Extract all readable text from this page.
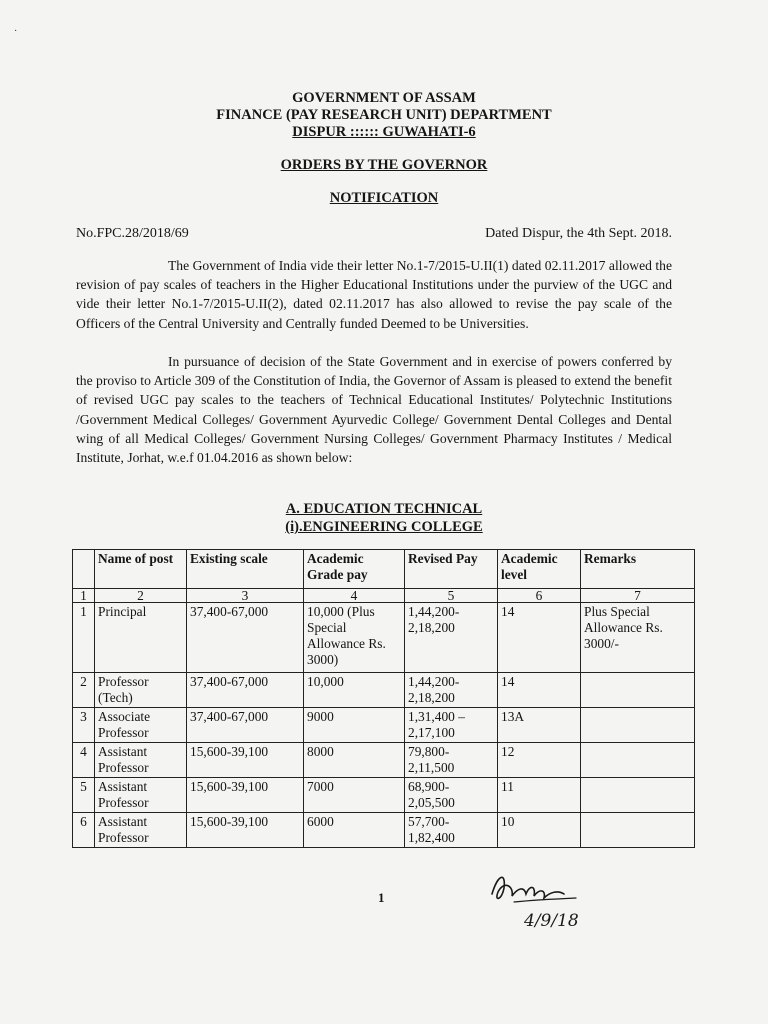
·
GOVERNMENT OF ASSAM
FINANCE (PAY RESEARCH UNIT) DEPARTMENT
DISPUR :::::: GUWAHATI-6
ORDERS BY THE GOVERNOR
NOTIFICATION
No.FPC.28/2018/69	Dated Dispur, the 4th Sept. 2018.

The Government of India vide their letter No.1-7/2015-U.II(1) dated 02.11.2017 allowed the revision of pay scales of teachers in the Higher Educational Institutions under the purview of the UGC and vide their letter No.1-7/2015-U.II(2), dated 02.11.2017 has also allowed to revise the pay scale of the Officers of the Central University and Centrally funded Deemed to be Universities.

In pursuance of decision of the State Government and in exercise of powers conferred by the proviso to Article 309 of the Constitution of India, the Governor of Assam is pleased to extend the benefit of revised UGC pay scales to the teachers of Technical Educational Institutes/ Polytechnic Institutions /Government Medical Colleges/ Government Ayurvedic College/ Government Dental Colleges and Dental wing of all Medical Colleges/ Government Nursing Colleges/ Government Pharmacy Institutes / Medical Institute, Jorhat, w.e.f 01.04.2016 as shown below:

A. EDUCATION TECHNICAL
(i).ENGINEERING COLLEGE
	Name of post	Existing scale	Academic Grade pay	Revised Pay	Academic level	Remarks
1	2	3	4	5	6	7
1	Principal	37,400-67,000	10,000 (Plus Special Allowance Rs. 3000)	1,44,200-2,18,200	14	Plus Special Allowance Rs. 3000/-
2	Professor (Tech)	37,400-67,000	10,000	1,44,200-2,18,200	14	
3	Associate Professor	37,400-67,000	9000	1,31,400 – 2,17,100	13A	
4	Assistant Professor	15,600-39,100	8000	79,800-2,11,500	12	
5	Assistant Professor	15,600-39,100	7000	68,900-2,05,500	11	
6	Assistant Professor	15,600-39,100	6000	57,700-1,82,400	10	
1
4/9/18
